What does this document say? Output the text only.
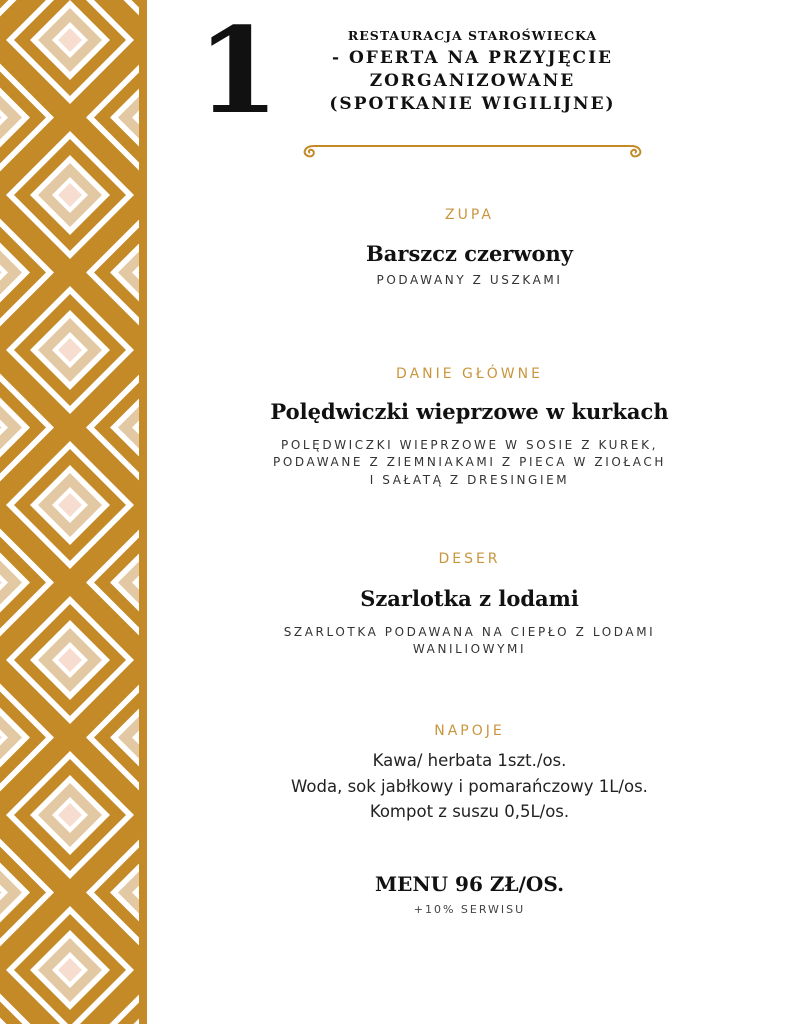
1	RESTAURACJA STAROŚWIECKA
- OFERTA NA PRZYJĘCIE
ZORGANIZOWANE
(SPOTKANIE WIGILIJNE)
ZUPA
Barszcz czerwony
PODAWANY Z USZKAMI
DANIE GŁÓWNE
Polędwiczki wieprzowe w kurkach
POLĘDWICZKI WIEPRZOWE W SOSIE Z KUREK,
PODAWANE Z ZIEMNIAKAMI Z PIECA W ZIOŁACH
I SAŁATĄ Z DRESINGIEM
DESER
Szarlotka z lodami
SZARLOTKA PODAWANA NA CIEPŁO Z LODAMI
WANILIOWYMI
NAPOJE
Kawa/ herbata 1szt./os.
Woda, sok jabłkowy i pomarańczowy 1L/os.
Kompot z suszu 0,5L/os.
MENU 96 ZŁ/OS.
+10% SERWISU
